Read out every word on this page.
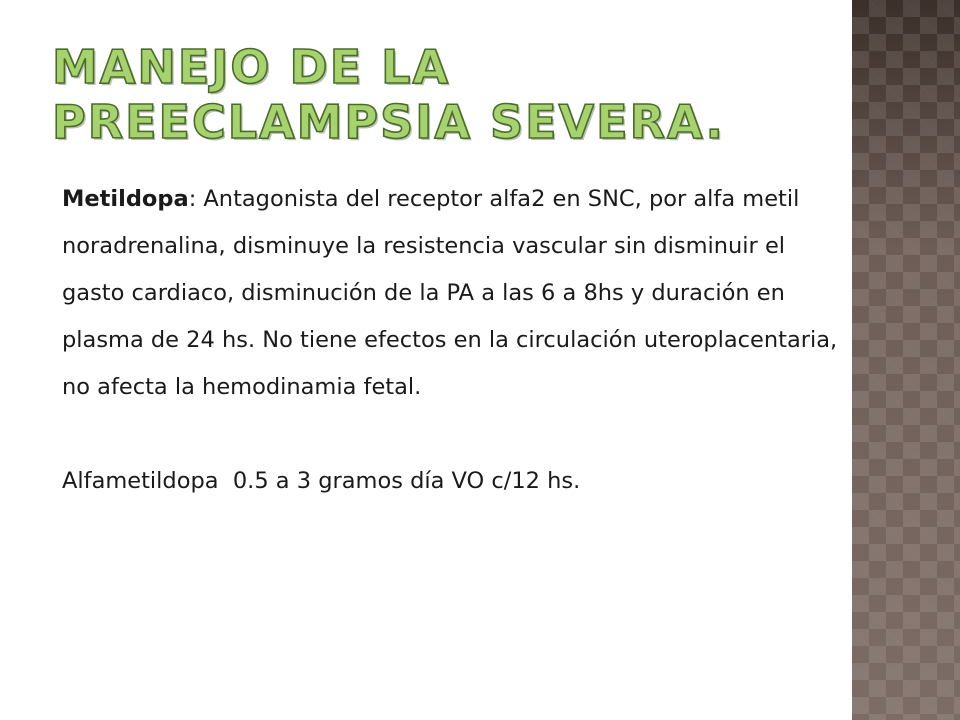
MANEJO DE LA PREECLAMPSIA SEVERA.

Metildopa: Antagonista del receptor alfa2 en SNC, por alfa metil noradrenalina, disminuye la resistencia vascular sin disminuir el gasto cardiaco, disminución de la PA a las 6 a 8hs y duración en plasma de 24 hs. No tiene efectos en la circulación uteroplacentaria, no afecta la hemodinamia fetal.

Alfametildopa  0.5 a 3 gramos día VO c/12 hs.
